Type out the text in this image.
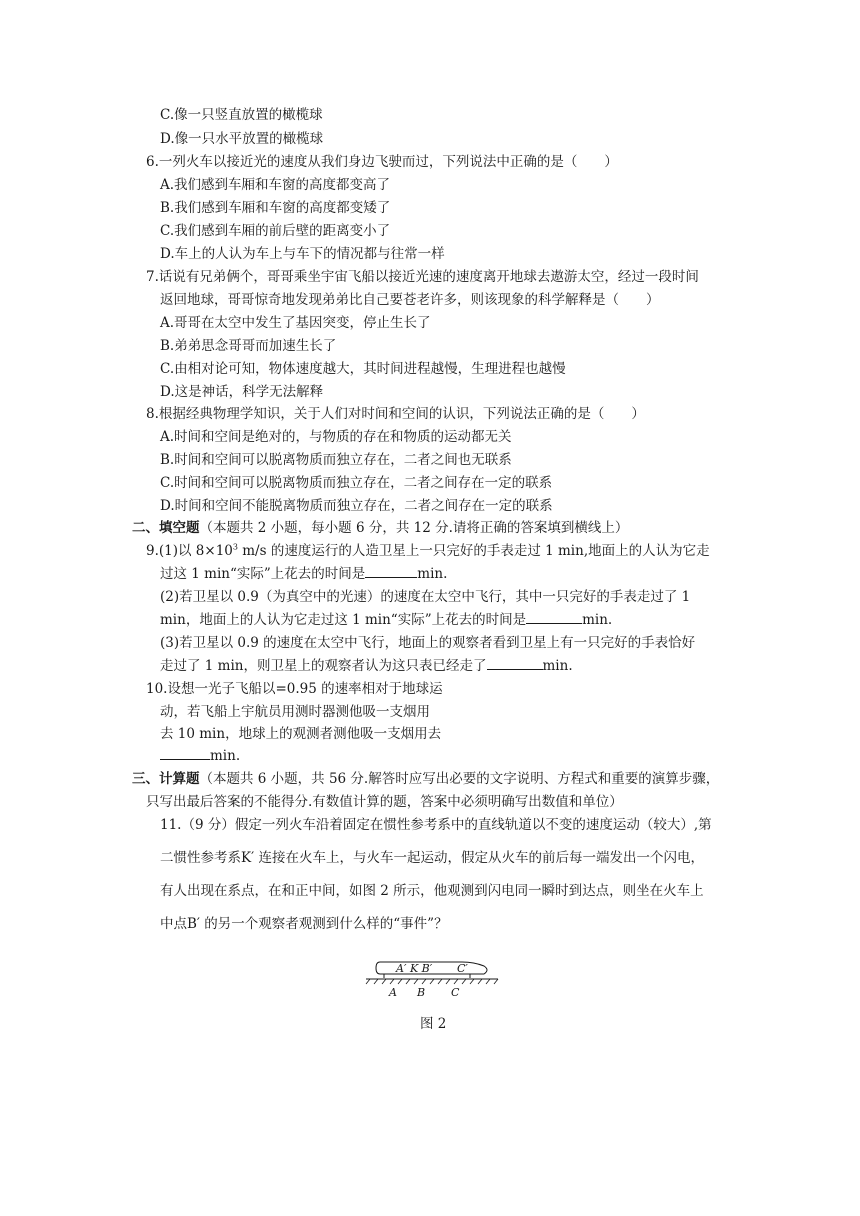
C.像一只竖直放置的橄榄球
D.像一只水平放置的橄榄球
6.一列火车以接近光的速度从我们身边飞驶而过，下列说法中正确的是（　　）
A.我们感到车厢和车窗的高度都变高了
B.我们感到车厢和车窗的高度都变矮了
C.我们感到车厢的前后壁的距离变小了
D.车上的人认为车上与车下的情况都与往常一样
7.话说有兄弟俩个，哥哥乘坐宇宙飞船以接近光速的速度离开地球去遨游太空，经过一段时间
返回地球，哥哥惊奇地发现弟弟比自己要苍老许多，则该现象的科学解释是（　　）
A.哥哥在太空中发生了基因突变，停止生长了
B.弟弟思念哥哥而加速生长了
C.由相对论可知，物体速度越大，其时间进程越慢，生理进程也越慢
D.这是神话，科学无法解释
8.根据经典物理学知识，关于人们对时间和空间的认识，下列说法正确的是（　　）
A.时间和空间是绝对的，与物质的存在和物质的运动都无关
B.时间和空间可以脱离物质而独立存在，二者之间也无联系
C.时间和空间可以脱离物质而独立存在，二者之间存在一定的联系
D.时间和空间不能脱离物质而独立存在，二者之间存在一定的联系
二、填空题（本题共 2 小题，每小题 6 分，共 12 分.请将正确的答案填到横线上）
9.(1)以 $8\times 10^3$ m/s 的速度运行的人造卫星上一只完好的手表走过 1 min,地面上的人认为它走
过这 1 min“实际”上花去的时间是	min.
(2)若卫星以 0.9（为真空中的光速）的速度在太空中飞行，其中一只完好的手表走过了 1
min，地面上的人认为它走过这 1 min“实际”上花去的时间是	min.
(3)若卫星以 0.9 的速度在太空中飞行，地面上的观察者看到卫星上有一只完好的手表恰好
走过了 1 min，则卫星上的观察者认为这只表已经走了	min.
10.设想一光子飞船以=0.95 的速率相对于地球运
动，若飞船上宇航员用测时器测他吸一支烟用
去 10 min，地球上的观测者测他吸一支烟用去
min.
三、计算题（本题共 6 小题，共 56 分.解答时应写出必要的文字说明、方程式和重要的演算步骤，
只写出最后答案的不能得分.有数值计算的题，答案中必须明确写出数值和单位）
11.（9 分）假定一列火车沿着固定在惯性参考系中的直线轨道以不变的速度运动（较大）,第
二惯性参考系K′ 连接在火车上，与火车一起运动，假定从火车的前后每一端发出一个闪电，
有人出现在系点，在和正中间，如图 2 所示，他观测到闪电同一瞬时到达点，则坐在火车上
中点B′ 的另一个观察者观测到什么样的“事件”？
A′ K B′ C′
A B C
图 2
